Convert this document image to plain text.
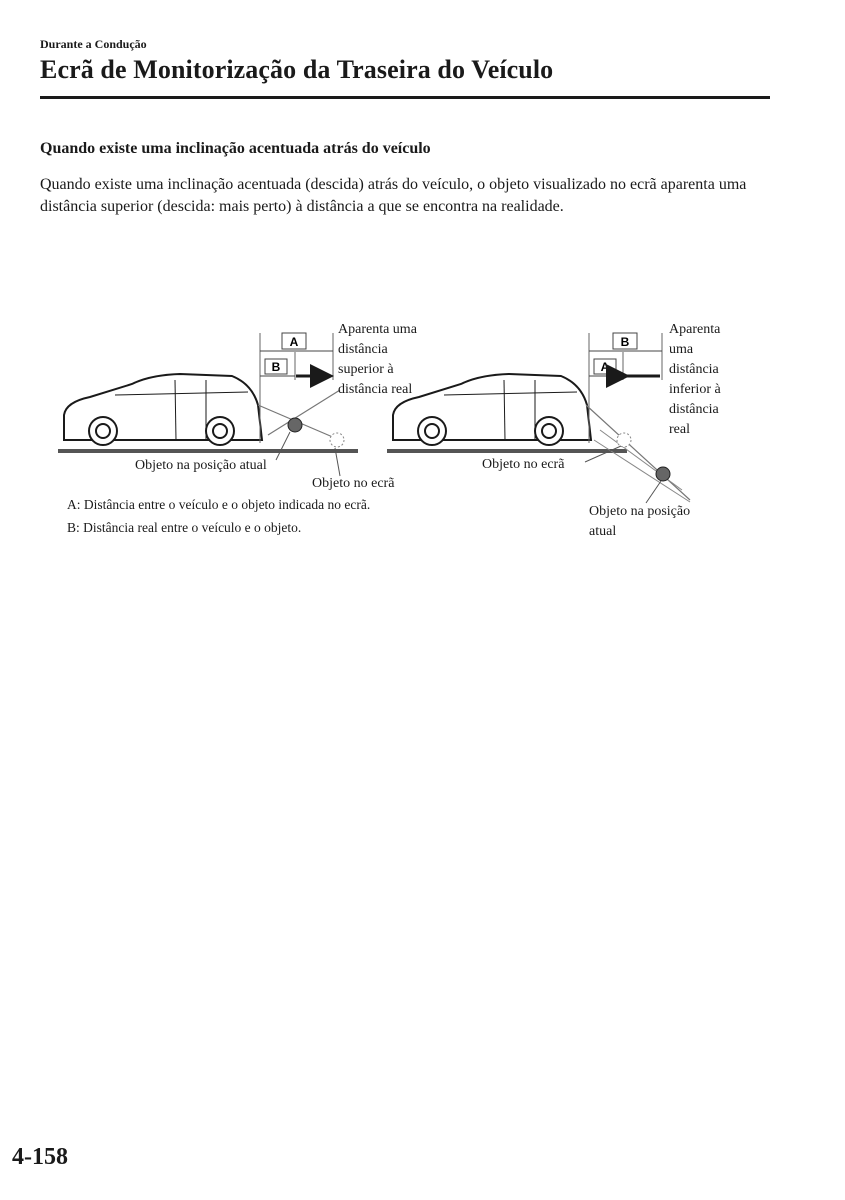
Durante a Condução
Ecrã de Monitorização da Traseira do Veículo
Quando existe uma inclinação acentuada atrás do veículo
Quando existe uma inclinação acentuada (descida) atrás do veículo, o objeto visualizado no ecrã aparenta uma distância superior (descida: mais perto) à distância a que se encontra na realidade.
A
B
Aparenta uma
distância
superior à
distância real
Objeto na posição atual
Objeto no ecrã
B
A
Aparenta
uma
distância
inferior à
distância
real
Objeto no ecrã
Objeto na posição
atual
A: Distância entre o veículo e o objeto indicada no ecrã.
B: Distância real entre o veículo e o objeto.
4-158
